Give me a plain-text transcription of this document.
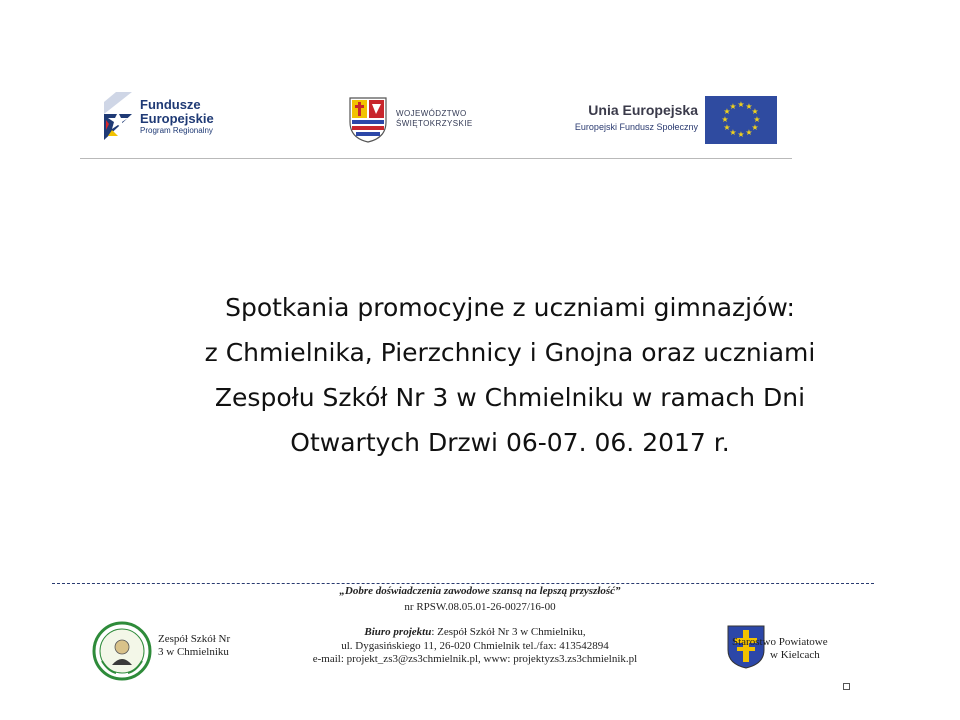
Fundusze
Europejskie
Program Regionalny
WOJEWÓDZTWO
ŚWIĘTOKRZYSKIE
Unia Europejska
Europejski Fundusz Społeczny
★ ★
★
★
★
★
★
★
★
★
★
★
Spotkania promocyjne z uczniami gimnazjów:
z Chmielnika, Pierzchnicy i Gnojna oraz uczniami
Zespołu Szkół Nr 3 w Chmielniku w ramach Dni
Otwartych Drzwi 06-07. 06. 2017 r.
„Dobre doświadczenia zawodowe szansą na lepszą przyszłość”
nr RPSW.08.05.01-26-0027/16-00
Zespół Szkół Nr
3 w Chmielniku
Biuro projektu: Zespół Szkół Nr 3 w Chmielniku,
ul. Dygasińskiego 11, 26-020 Chmielnik tel./fax: 413542894
e-mail: projekt_zs3@zs3chmielnik.pl, www: projektyzs3.zs3chmielnik.pl
Starostwo Powiatowe
w Kielcach
